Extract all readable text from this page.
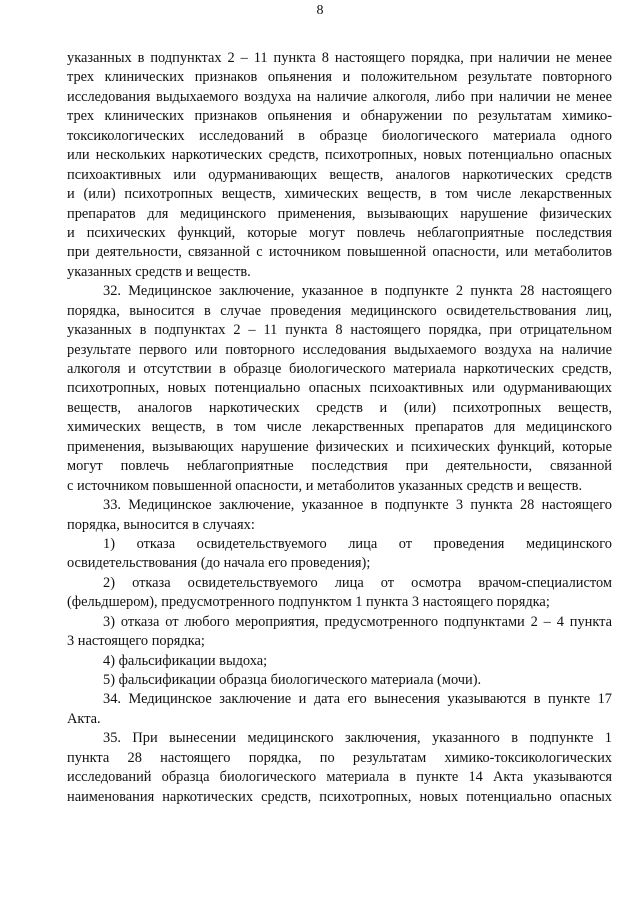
8
указанных в подпунктах 2 – 11 пункта 8 настоящего порядка, при наличии не менее
трех клинических признаков опьянения и положительном результате повторного
исследования выдыхаемого воздуха на наличие алкоголя, либо при наличии не менее
трех клинических признаков опьянения и обнаружении по результатам химико-
токсикологических исследований в образце биологического материала одного
или нескольких наркотических средств, психотропных, новых потенциально опасных
психоактивных или одурманивающих веществ, аналогов наркотических средств
и (или) психотропных веществ, химических веществ, в том числе лекарственных
препаратов для медицинского применения, вызывающих нарушение физических
и психических функций, которые могут повлечь неблагоприятные последствия
при деятельности, связанной с источником повышенной опасности, или метаболитов
указанных средств и веществ.
32. Медицинское заключение, указанное в подпункте 2 пункта 28 настоящего
порядка, выносится в случае проведения медицинского освидетельствования лиц,
указанных в подпунктах 2 – 11 пункта 8 настоящего порядка, при отрицательном
результате первого или повторного исследования выдыхаемого воздуха на наличие
алкоголя и отсутствии в образце биологического материала наркотических средств,
психотропных, новых потенциально опасных психоактивных или одурманивающих
веществ, аналогов наркотических средств и (или) психотропных веществ,
химических веществ, в том числе лекарственных препаратов для медицинского
применения, вызывающих нарушение физических и психических функций, которые
могут повлечь неблагоприятные последствия при деятельности, связанной
с источником повышенной опасности, и метаболитов указанных средств и веществ.
33. Медицинское заключение, указанное в подпункте 3 пункта 28 настоящего
порядка, выносится в случаях:
1) отказа освидетельствуемого лица от проведения медицинского
освидетельствования (до начала его проведения);
2) отказа освидетельствуемого лица от осмотра врачом-специалистом
(фельдшером), предусмотренного подпунктом 1 пункта 3 настоящего порядка;
3) отказа от любого мероприятия, предусмотренного подпунктами 2 – 4 пункта
3 настоящего порядка;
4) фальсификации выдоха;
5) фальсификации образца биологического материала (мочи).
34. Медицинское заключение и дата его вынесения указываются в пункте 17
Акта.
35. При вынесении медицинского заключения, указанного в подпункте 1
пункта 28 настоящего порядка, по результатам химико-токсикологических
исследований образца биологического материала в пункте 14 Акта указываются
наименования наркотических средств, психотропных, новых потенциально опасных
